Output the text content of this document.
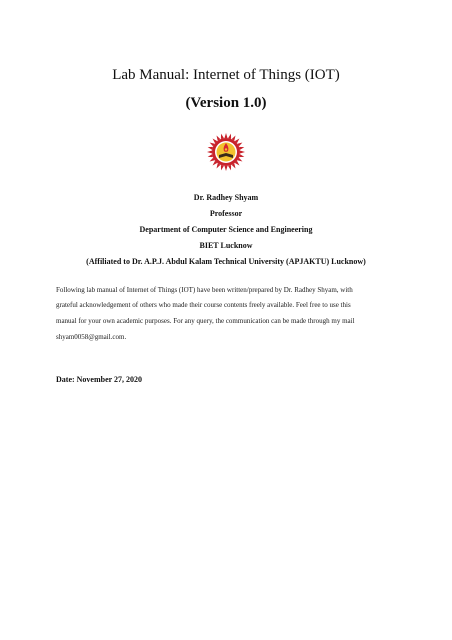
Lab Manual: Internet of Things (IOT)
(Version 1.0)
Dr. Radhey Shyam
Professor
Department of Computer Science and Engineering
BIET Lucknow
(Affiliated to Dr. A.P.J. Abdul Kalam Technical University (APJAKTU) Lucknow)
Following lab manual of Internet of Things (IOT) have been written/prepared by Dr. Radhey Shyam, with
grateful acknowledgement of others who made their course contents freely available. Feel free to use this
manual for your own academic purposes. For any query, the communication can be made through my mail
shyam0058@gmail.com.
Date: November 27, 2020
